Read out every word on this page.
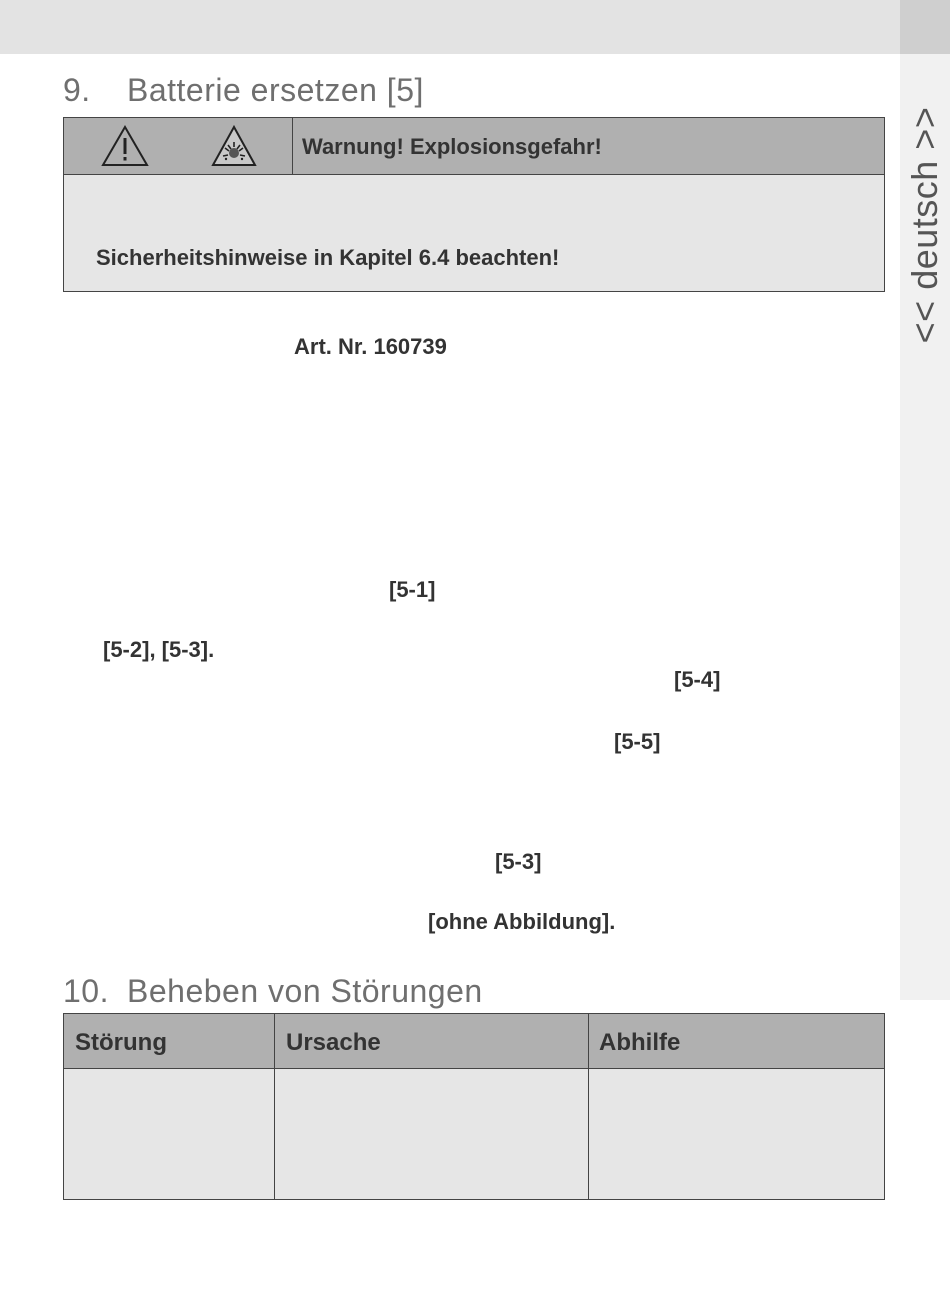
<< deutsch >>
9. Batterie ersetzen [5]
Warnung! Explosionsgefahr!
Sicherheitshinweise in Kapitel 6.4 beachten!
Art. Nr. 160739
[5-1]
[5-2], [5-3].
[5-4]
[5-5]
[5-3]
[ohne Abbildung].
10. Beheben von Störungen
Störung	Ursache	Abhilfe
